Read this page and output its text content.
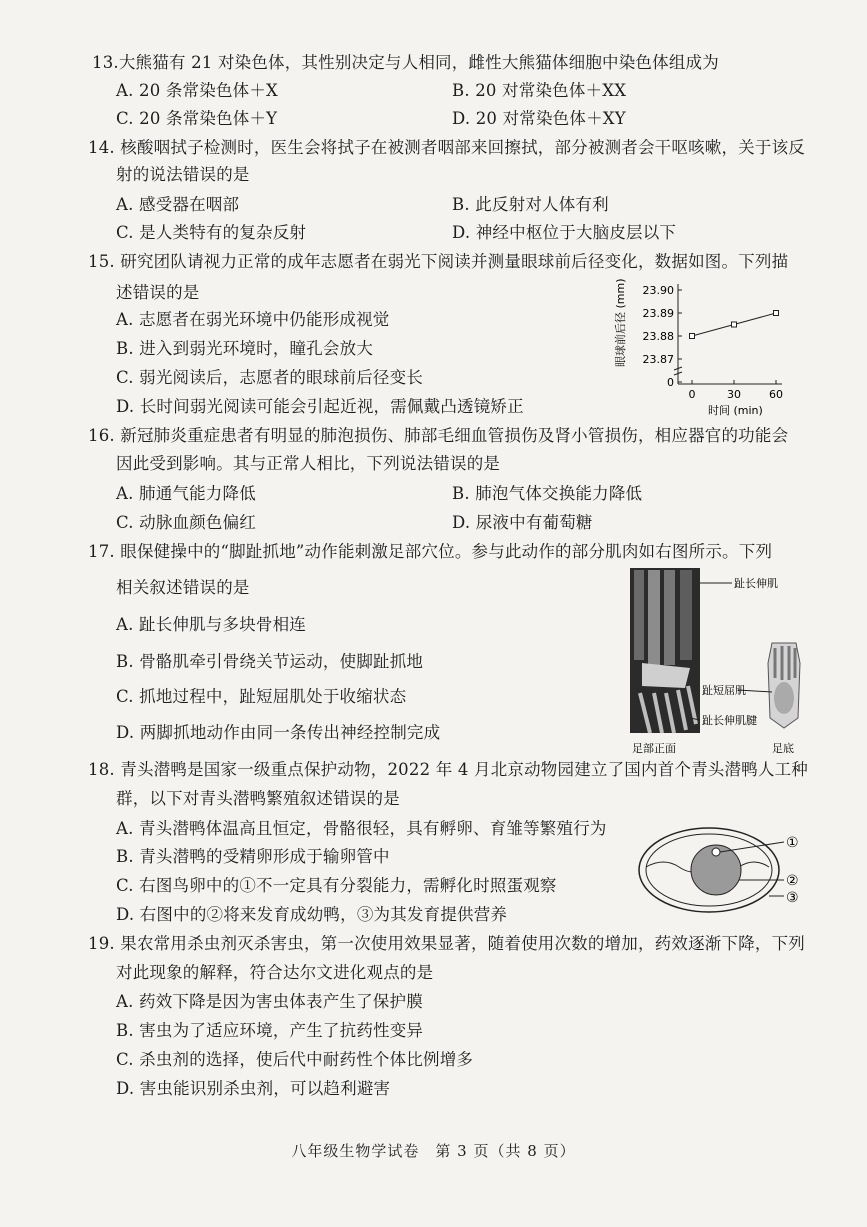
13.大熊猫有 21 对染色体，其性别决定与人相同，雌性大熊猫体细胞中染色体组成为
A. 20 条常染色体＋X	B. 20 对常染色体＋XX
C. 20 条常染色体＋Y	D. 20 对常染色体＋XY
14. 核酸咽拭子检测时，医生会将拭子在被测者咽部来回擦拭，部分被测者会干呕咳嗽，关于该反
射的说法错误的是
A. 感受器在咽部	B. 此反射对人体有利
C. 是人类特有的复杂反射	D. 神经中枢位于大脑皮层以下
15. 研究团队请视力正常的成年志愿者在弱光下阅读并测量眼球前后径变化，数据如图。下列描
述错误的是
A. 志愿者在弱光环境中仍能形成视觉
B. 进入到弱光环境时，瞳孔会放大
C. 弱光阅读后，志愿者的眼球前后径变长
D. 长时间弱光阅读可能会引起近视，需佩戴凸透镜矫正
眼球前后径 (mm) 23.90
23.89
23.88
23.87
0
0	30	60
时间 (min)
16. 新冠肺炎重症患者有明显的肺泡损伤、肺部毛细血管损伤及肾小管损伤，相应器官的功能会
因此受到影响。其与正常人相比，下列说法错误的是
A. 肺通气能力降低	B. 肺泡气体交换能力降低
C. 动脉血颜色偏红	D. 尿液中有葡萄糖
17. 眼保健操中的“脚趾抓地”动作能刺激足部穴位。参与此动作的部分肌肉如右图所示。下列
相关叙述错误的是
A. 趾长伸肌与多块骨相连
B. 骨骼肌牵引骨绕关节运动，使脚趾抓地
C. 抓地过程中，趾短屈肌处于收缩状态
D. 两脚抓地动作由同一条传出神经控制完成
趾长伸肌
趾短屈肌
趾长伸肌腱
足部正面	足底
18. 青头潜鸭是国家一级重点保护动物，2022 年 4 月北京动物园建立了国内首个青头潜鸭人工种
群，以下对青头潜鸭繁殖叙述错误的是
A. 青头潜鸭体温高且恒定，骨骼很轻，具有孵卵、育雏等繁殖行为
B. 青头潜鸭的受精卵形成于输卵管中
C. 右图鸟卵中的①不一定具有分裂能力，需孵化时照蛋观察
D. 右图中的②将来发育成幼鸭，③为其发育提供营养
①
②
③
19. 果农常用杀虫剂灭杀害虫，第一次使用效果显著，随着使用次数的增加，药效逐渐下降，下列
对此现象的解释，符合达尔文进化观点的是
A. 药效下降是因为害虫体表产生了保护膜
B. 害虫为了适应环境，产生了抗药性变异
C. 杀虫剂的选择，使后代中耐药性个体比例增多
D. 害虫能识别杀虫剂，可以趋利避害
八年级生物学试卷　第 3 页（共 8 页）
